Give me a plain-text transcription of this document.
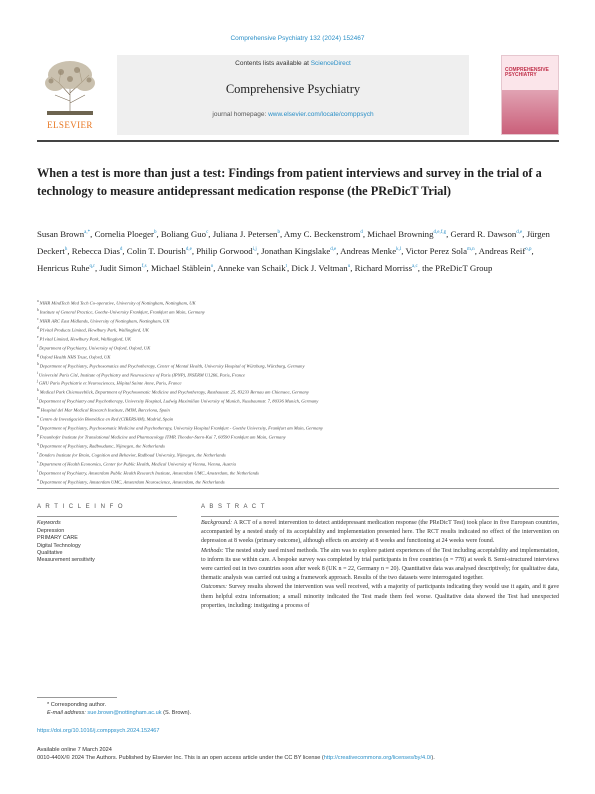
Comprehensive Psychiatry 132 (2024) 152467
ELSEVIER
Contents lists available at ScienceDirect
Comprehensive Psychiatry
journal homepage: www.elsevier.com/locate/comppsych
COMPREHENSIVE PSYCHIATRY
When a test is more than just a test: Findings from patient interviews and survey in the trial of a technology to measure antidepressant medication response (the PReDicT Trial)
Susan Brown$^{a,*}$, Cornelia Ploeger$^b$, Boliang Guo$^c$, Juliana J. Petersen$^b$, Amy C. Beckenstrom$^d$, Michael Browning$^{d,e,f,g}$, Gerard R. Dawson$^{d,e}$, Jürgen Deckert$^h$, Rebecca Dias$^d$, Colin T. Dourish$^{d,e}$, Philip Gorwood$^{i,j}$, Jonathan Kingslake$^{d,e}$, Andreas Menke$^{k,l}$, Victor Perez Sola$^{m,n}$, Andreas Reif$^{o,p}$, Henricus Ruhe$^{q,r}$, Judit Simon$^{f,s}$, Michael Stäblein$^o$, Anneke van Schaik$^t$, Dick J. Veltman$^u$, Richard Morriss$^{a,c}$, the PReDicT Group
$^a$ NIHR MindTech Med Tech Co-operative, University of Nottingham, Nottingham, UK
$^b$ Institute of General Practice, Goethe-University Frankfurt, Frankfurt am Main, Germany
$^c$ NIHR ARC East Midlands, University of Nottingham, Nottingham, UK
$^d$ P1vital Products Limited, Hewlbury Park, Wallingford, UK
$^e$ P1vital Limited, Hewlbury Park, Wallingford, UK
$^f$ Department of Psychiatry, University of Oxford, Oxford, UK
$^g$ Oxford Health NHS Trust, Oxford, UK
$^h$ Department of Psychiatry, Psychosomatics and Psychotherapy, Center of Mental Health, University Hospital of Würzburg, Würzburg, Germany
$^i$ Université Paris Cité, Institute of Psychiatry and Neuroscience of Paris (IPNP), INSERM U1266, Paris, France
$^j$ GHU Paris Psychiatrie et Neurosciences, Hôpital Sainte Anne, Paris, France
$^k$ Medical Park Chiemseeblick, Department of Psychosomatic Medicine and Psychotherapy, Rasthausstr. 25, 83233 Bernau am Chiemsee, Germany
$^l$ Department of Psychiatry and Psychotherapy, University Hospital, Ludwig Maximilian University of Munich, Nussbaumstr. 7, 80336 Munich, Germany
$^m$ Hospital del Mar Medical Research Institute, IMIM, Barcelona, Spain
$^n$ Centro de Investigación Biomédica en Red (CIBERSAM), Madrid, Spain
$^o$ Department of Psychiatry, Psychosomatic Medicine and Psychotherapy, University Hospital Frankfurt - Goethe University, Frankfurt am Main, Germany
$^p$ Fraunhofer Institute for Translational Medicine and Pharmacology ITMP, Theodor-Stern-Kai 7, 60590 Frankfurt am Main, Germany
$^q$ Department of Psychiatry, Radboudumc, Nijmegen, the Netherlands
$^r$ Donders Institute for Brain, Cognition and Behavior, Radboud University, Nijmegen, the Netherlands
$^s$ Department of Health Economics, Center for Public Health, Medical University of Vienna, Vienna, Austria
$^t$ Department of Psychiatry, Amsterdam Public Health Research Institute, Amsterdam UMC, Amsterdam, the Netherlands
$^u$ Department of Psychiatry, Amsterdam UMC, Amsterdam Neuroscience, Amsterdam, the Netherlands
A R T I C L E I N F O	A B S T R A C T
Keywords
Depression
PRIMARY CARE
Digital Technology
Qualitative
Measurement sensitivity

Background: A RCT of a novel intervention to detect antidepressant medication response (the PReDicT Test) took place in five European countries, accompanied by a nested study of its acceptability and implementation presented here. The RCT results indicated no effect of the intervention on depression at 8 weeks (primary outcome), although effects on anxiety at 8 weeks and functioning at 24 weeks were found.

Methods: The nested study used mixed methods. The aim was to explore patient experiences of the Test including acceptability and implementation, to inform its use within care. A bespoke survey was completed by trial participants in five countries (n = 778) at week 8. Semi-structured interviews were carried out in two countries soon after week 8 (UK n = 22, Germany n = 20). Quantitative data was analysed descriptively; for qualitative data, thematic analysis was carried out using a framework approach. Results of the two datasets were interrogated together.

Outcomes: Survey results showed the intervention was well received, with a majority of participants indicating they would use it again, and it gave them helpful extra information; a small minority indicated the Test made them feel worse. Qualitative data showed the Test had unexpected properties, including: instigating a process of

* Corresponding author.
E-mail address: sue.brown@nottingham.ac.uk (S. Brown).
https://doi.org/10.1016/j.comppsych.2024.152467
Available online 7 March 2024
0010-440X/© 2024 The Authors. Published by Elsevier Inc. This is an open access article under the CC BY license (http://creativecommons.org/licenses/by/4.0/).
